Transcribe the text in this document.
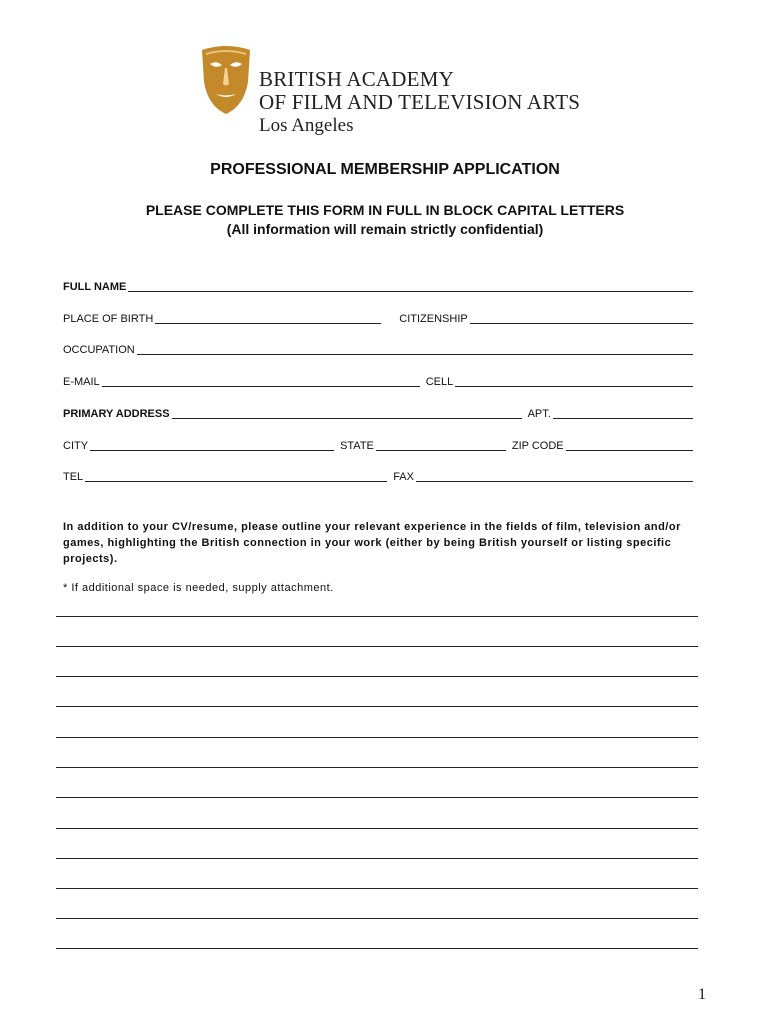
BRITISH ACADEMY
OF FILM AND TELEVISION ARTS
Los Angeles
PROFESSIONAL MEMBERSHIP APPLICATION
PLEASE COMPLETE THIS FORM IN FULL IN BLOCK CAPITAL LETTERS
(All information will remain strictly confidential)
FULL NAME
PLACE OF BIRTH	CITIZENSHIP
OCCUPATION
E-MAIL	CELL
PRIMARY ADDRESS	APT.
CITY	STATE	ZIP CODE
TEL	FAX
In addition to your CV/resume, please outline your relevant experience in the fields of film, television and/or games, highlighting the British connection in your work (either by being British yourself or listing specific projects).
* If additional space is needed, supply attachment.
1
